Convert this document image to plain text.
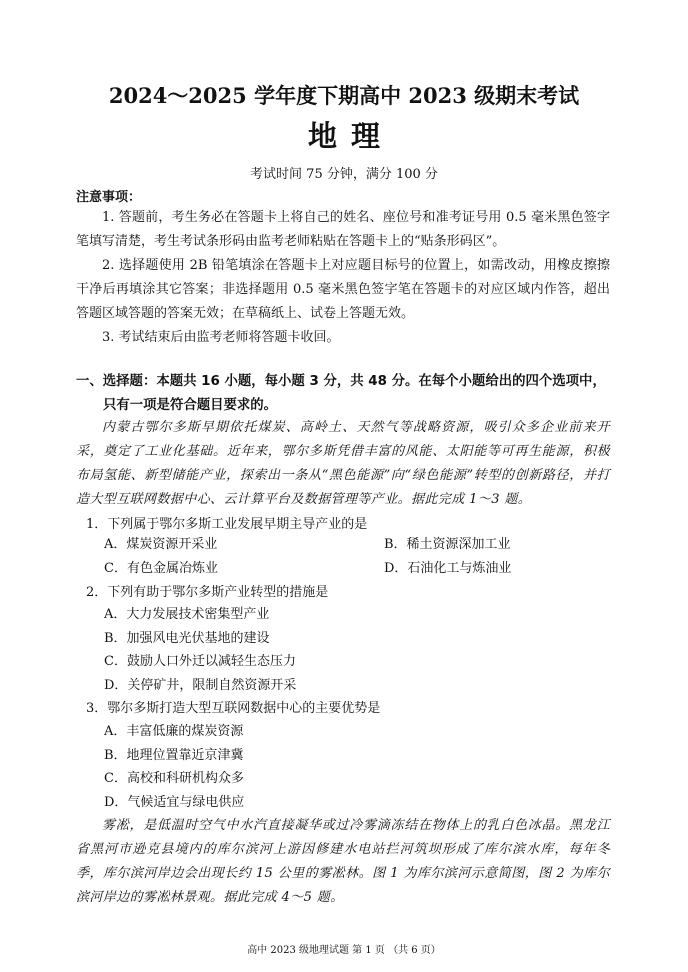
2024～2025 学年度下期高中 2023 级期末考试
地理
考试时间 75 分钟，满分 100 分
注意事项：
1. 答题前，考生务必在答题卡上将自己的姓名、座位号和准考证号用 0.5 毫米黑色签字笔填写清楚，考生考试条形码由监考老师粘贴在答题卡上的“贴条形码区”。
2. 选择题使用 2B 铅笔填涂在答题卡上对应题目标号的位置上，如需改动，用橡皮擦擦干净后再填涂其它答案；非选择题用 0.5 毫米黑色签字笔在答题卡的对应区域内作答，超出答题区域答题的答案无效；在草稿纸上、试卷上答题无效。
3. 考试结束后由监考老师将答题卡收回。
一、选择题：本题共 16 小题，每小题 3 分，共 48 分。在每个小题给出的四个选项中，
只有一项是符合题目要求的。
内蒙古鄂尔多斯早期依托煤炭、高岭土、天然气等战略资源，吸引众多企业前来开采，奠定了工业化基础。近年来，鄂尔多斯凭借丰富的风能、太阳能等可再生能源，积极布局氢能、新型储能产业，探索出一条从“黑色能源”向“绿色能源”转型的创新路径，并打造大型互联网数据中心、云计算平台及数据管理等产业。据此完成 1～3 题。
1．下列属于鄂尔多斯工业发展早期主导产业的是
A．煤炭资源开采业	B．稀土资源深加工业
C．有色金属冶炼业	D．石油化工与炼油业
2．下列有助于鄂尔多斯产业转型的措施是
A．大力发展技术密集型产业
B．加强风电光伏基地的建设
C．鼓励人口外迁以减轻生态压力
D．关停矿井，限制自然资源开采
3．鄂尔多斯打造大型互联网数据中心的主要优势是
A．丰富低廉的煤炭资源
B．地理位置靠近京津冀
C．高校和科研机构众多
D．气候适宜与绿电供应
雾凇，是低温时空气中水汽直接凝华或过冷雾滴冻结在物体上的乳白色冰晶。黑龙江省黑河市逊克县境内的库尔滨河上游因修建水电站拦河筑坝形成了库尔滨水库，每年冬季，库尔滨河岸边会出现长约 15 公里的雾凇林。图 1 为库尔滨河示意简图，图 2 为库尔滨河岸边的雾凇林景观。据此完成 4～5 题。
高中 2023 级地理试题 第 1 页 （共 6 页）
